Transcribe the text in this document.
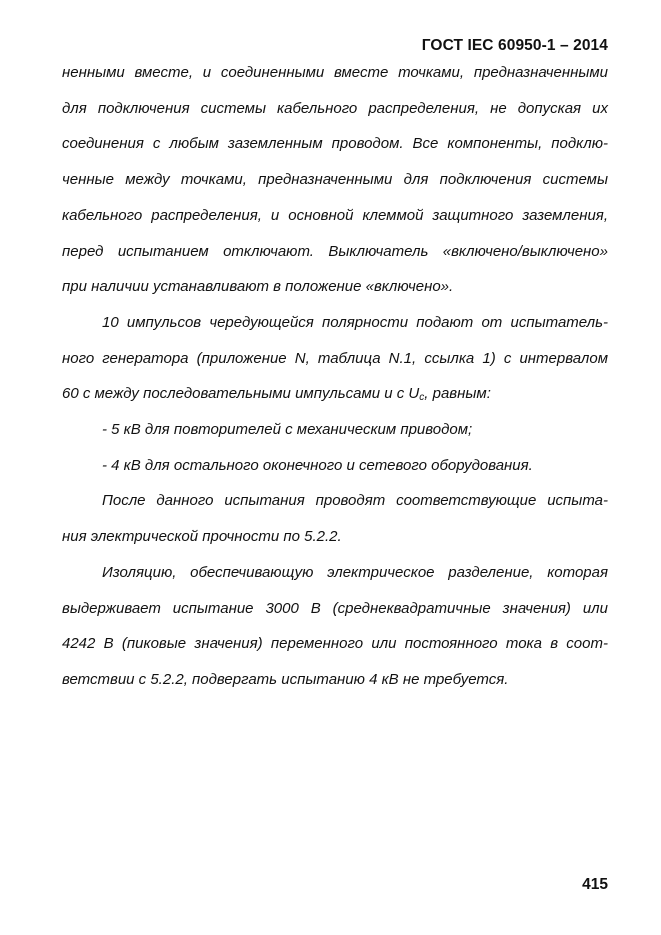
ГОСТ IEC 60950-1 – 2014

ненными вместе, и соединенными вместе точками, предназначенными
для подключения системы кабельного распределения, не допуская их
соединения с любым заземленным проводом. Все компоненты, подклю-
ченные между точками, предназначенными для подключения системы
кабельного распределения, и основной клеммой защитного заземления,
перед испытанием отключают. Выключатель «включено/выключено»
при наличии устанавливают в положение «включено».

10 импульсов чередующейся полярности подают от испытатель-
ного генератора (приложение N, таблица N.1, ссылка 1) с интервалом
60 с между последовательными импульсами и с $U_c$, равным:

- 5 кВ для повторителей с механическим приводом;

- 4 кВ для остального оконечного и сетевого оборудования.

После данного испытания проводят соответствующие испыта-
ния электрической прочности по 5.2.2.

Изоляцию, обеспечивающую электрическое разделение, которая
выдерживает испытание 3000 В (среднеквадратичные значения) или
4242 В (пиковые значения) переменного или постоянного тока в соот-
ветствии с 5.2.2, подвергать испытанию 4 кВ не требуется.

415
